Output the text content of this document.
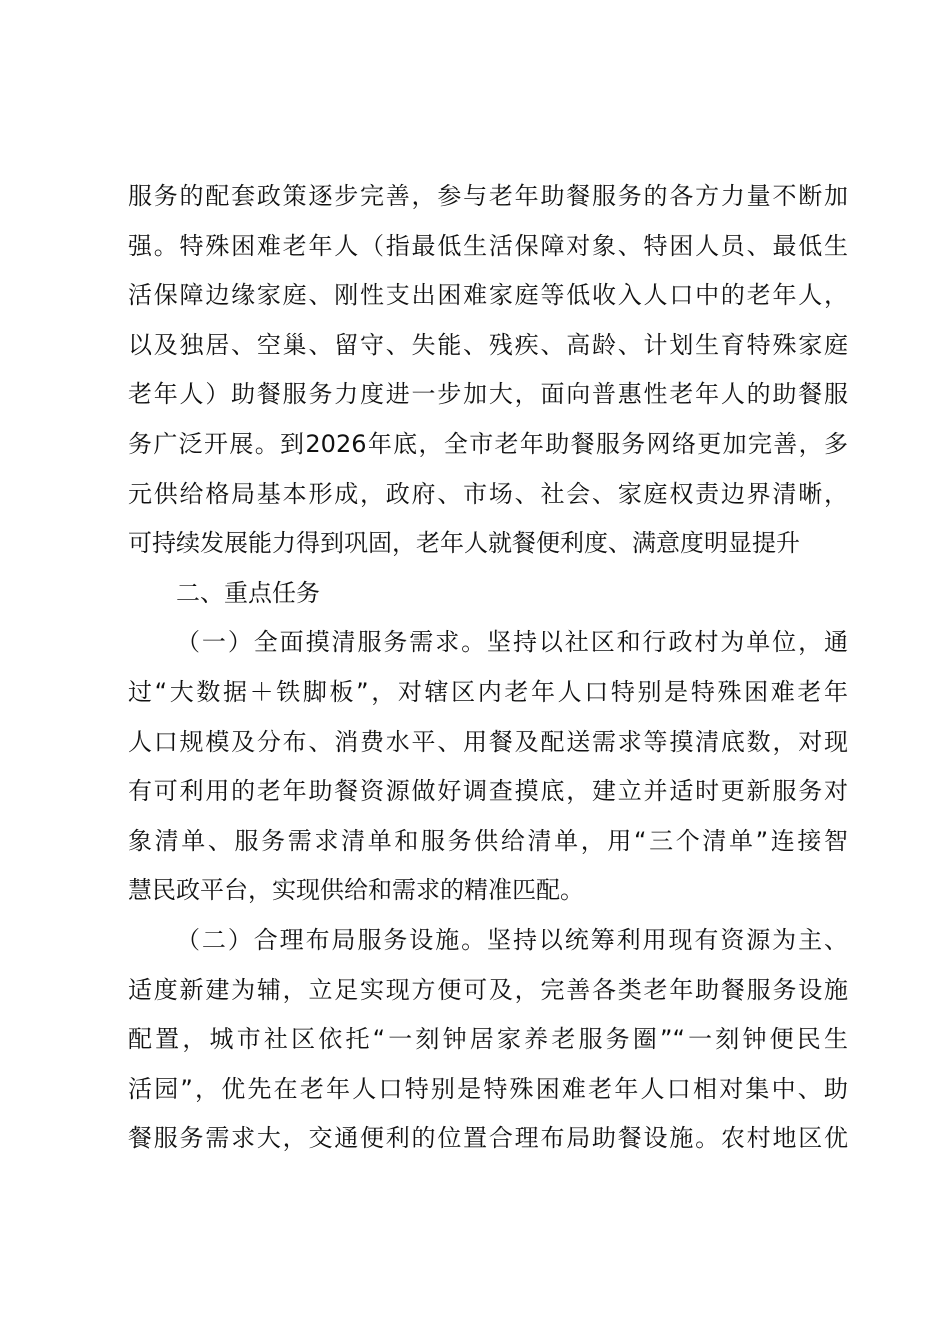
服务的配套政策逐步完善，参与老年助餐服务的各方力量不断加
强。特殊困难老年人（指最低生活保障对象、特困人员、最低生
活保障边缘家庭、刚性支出困难家庭等低收入人口中的老年人，
以及独居、空巢、留守、失能、残疾、高龄、计划生育特殊家庭
老年人）助餐服务力度进一步加大，面向普惠性老年人的助餐服
务广泛开展。到2026年底，全市老年助餐服务网络更加完善，多
元供给格局基本形成，政府、市场、社会、家庭权责边界清晰，
可持续发展能力得到巩固，老年人就餐便利度、满意度明显提升
二、重点任务
（一）全面摸清服务需求。坚持以社区和行政村为单位，通
过“大数据＋铁脚板”，对辖区内老年人口特别是特殊困难老年
人口规模及分布、消费水平、用餐及配送需求等摸清底数，对现
有可利用的老年助餐资源做好调查摸底，建立并适时更新服务对
象清单、服务需求清单和服务供给清单，用“三个清单”连接智
慧民政平台，实现供给和需求的精准匹配。
（二）合理布局服务设施。坚持以统筹利用现有资源为主、
适度新建为辅，立足实现方便可及，完善各类老年助餐服务设施
配置，城市社区依托“一刻钟居家养老服务圈”“一刻钟便民生
活园”，优先在老年人口特别是特殊困难老年人口相对集中、助
餐服务需求大，交通便利的位置合理布局助餐设施。农村地区优
